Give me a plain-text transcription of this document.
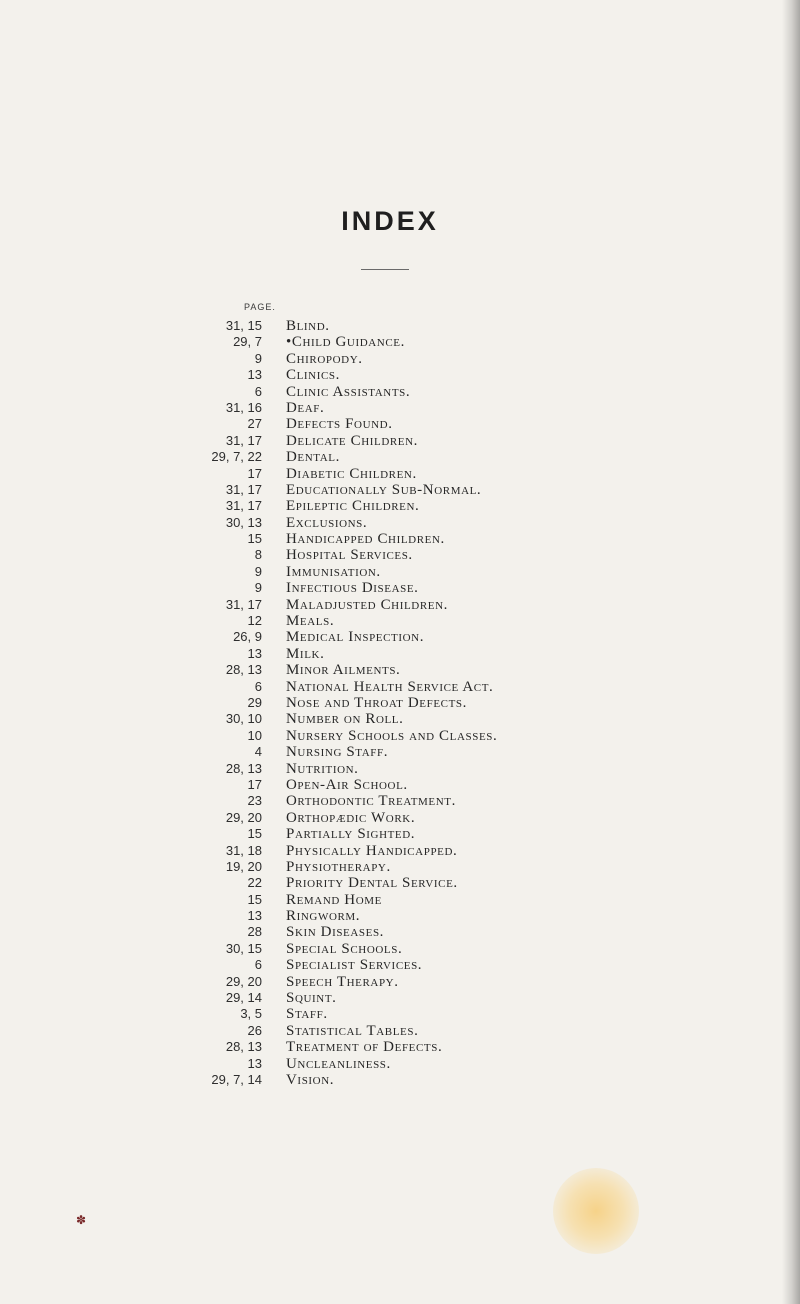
INDEX
PAGE.
31, 15 Blind.
29, 7 •Child Guidance.
9 Chiropody.
13 Clinics.
6 Clinic Assistants.
31, 16 Deaf.
27 Defects Found.
31, 17 Delicate Children.
29, 7, 22 Dental.
17 Diabetic Children.
31, 17 Educationally Sub-Normal.
31, 17 Epileptic Children.
30, 13 Exclusions.
15 Handicapped Children.
8 Hospital Services.
9 Immunisation.
9 Infectious Disease.
31, 17 Maladjusted Children.
12 Meals.
26, 9 Medical Inspection.
13 Milk.
28, 13 Minor Ailments.
6 National Health Service Act.
29 Nose and Throat Defects.
30, 10 Number on Roll.
10 Nursery Schools and Classes.
4 Nursing Staff.
28, 13 Nutrition.
17 Open-Air School.
23 Orthodontic Treatment.
29, 20 Orthopædic Work.
15 Partially Sighted.
31, 18 Physically Handicapped.
19, 20 Physiotherapy.
22 Priority Dental Service.
15 Remand Home
13 Ringworm.
28 Skin Diseases.
30, 15 Special Schools.
6 Specialist Services.
29, 20 Speech Therapy.
29, 14 Squint.
3, 5 Staff.
26 Statistical Tables.
28, 13 Treatment of Defects.
13 Uncleanliness.
29, 7, 14 Vision.
✽
